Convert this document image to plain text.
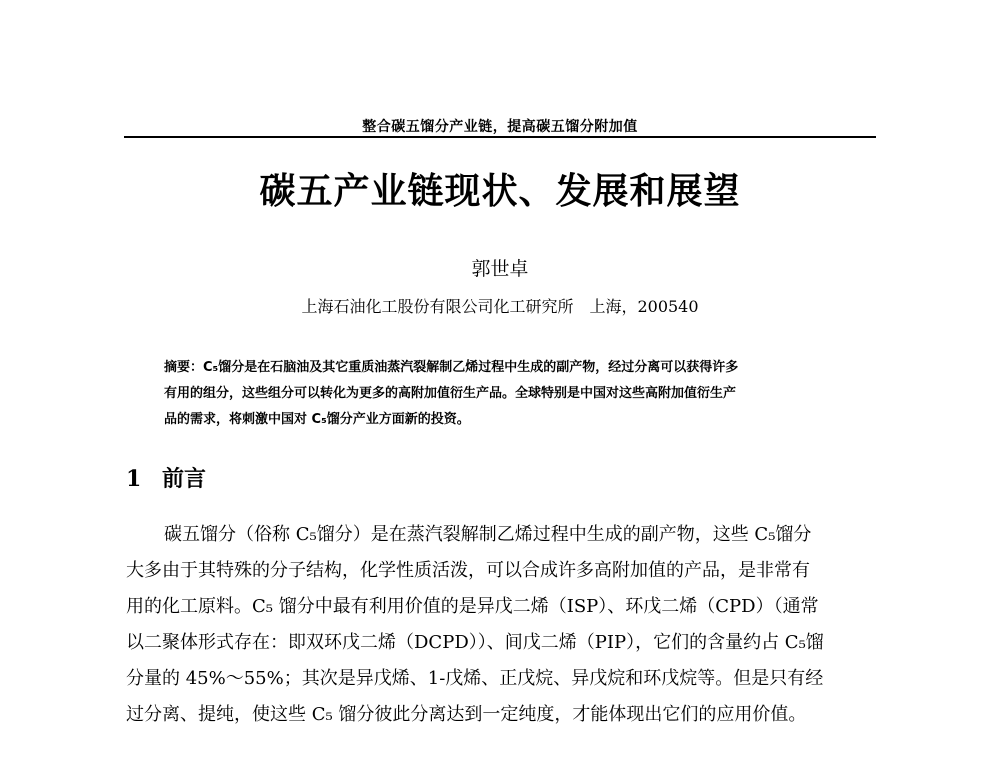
整合碳五馏分产业链，提高碳五馏分附加值
碳五产业链现状、发展和展望
郭世卓
上海石油化工股份有限公司化工研究所 上海，200540
摘要：C₅馏分是在石脑油及其它重质油蒸汽裂解制乙烯过程中生成的副产物，经过分离可以获得许多
有用的组分，这些组分可以转化为更多的高附加值衍生产品。全球特别是中国对这些高附加值衍生产
品的需求，将刺激中国对 C₅馏分产业方面新的投资。
1 前言
碳五馏分（俗称 C₅馏分）是在蒸汽裂解制乙烯过程中生成的副产物，这些 C₅馏分
大多由于其特殊的分子结构，化学性质活泼，可以合成许多高附加值的产品，是非常有
用的化工原料。C₅ 馏分中最有利用价值的是异戊二烯（ISP）、环戊二烯（CPD）（通常
以二聚体形式存在：即双环戊二烯（DCPD））、间戊二烯（PIP），它们的含量约占 C₅馏
分量的 45%～55%；其次是异戊烯、1-戊烯、正戊烷、异戊烷和环戊烷等。但是只有经
过分离、提纯，使这些 C₅ 馏分彼此分离达到一定纯度，才能体现出它们的应用价值。
